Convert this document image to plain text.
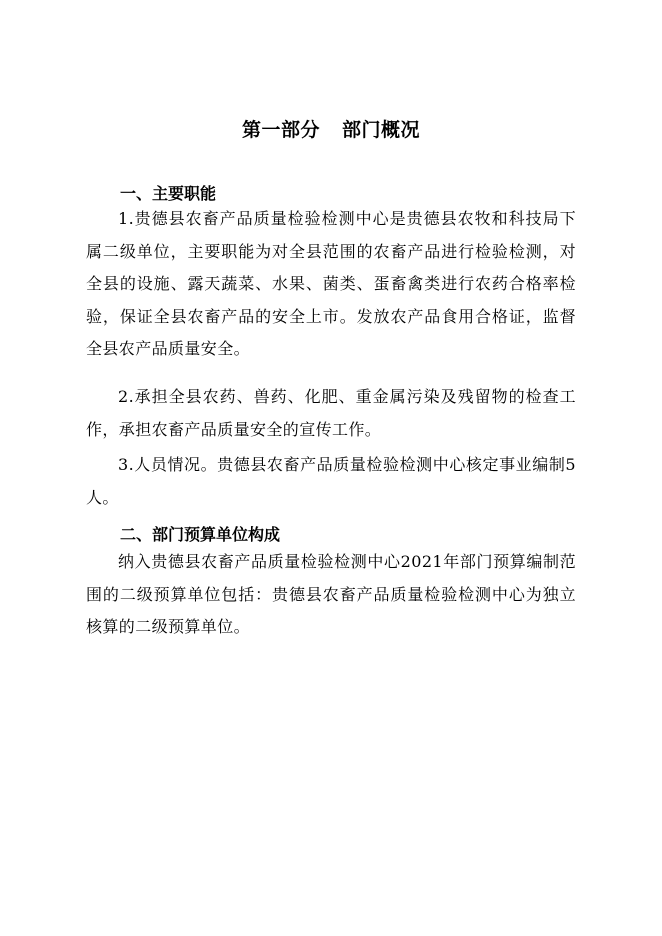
第一部分 部门概况
一、主要职能
1.贵德县农畜产品质量检验检测中心是贵德县农牧和科技局下属二级单位，主要职能为对全县范围的农畜产品进行检验检测，对全县的设施、露天蔬菜、水果、菌类、蛋畜禽类进行农药合格率检验，保证全县农畜产品的安全上市。发放农产品食用合格证，监督全县农产品质量安全。
2.承担全县农药、兽药、化肥、重金属污染及残留物的检查工作，承担农畜产品质量安全的宣传工作。
3.人员情况。贵德县农畜产品质量检验检测中心核定事业编制5人。
二、部门预算单位构成
纳入贵德县农畜产品质量检验检测中心2021年部门预算编制范围的二级预算单位包括：贵德县农畜产品质量检验检测中心为独立核算的二级预算单位。
